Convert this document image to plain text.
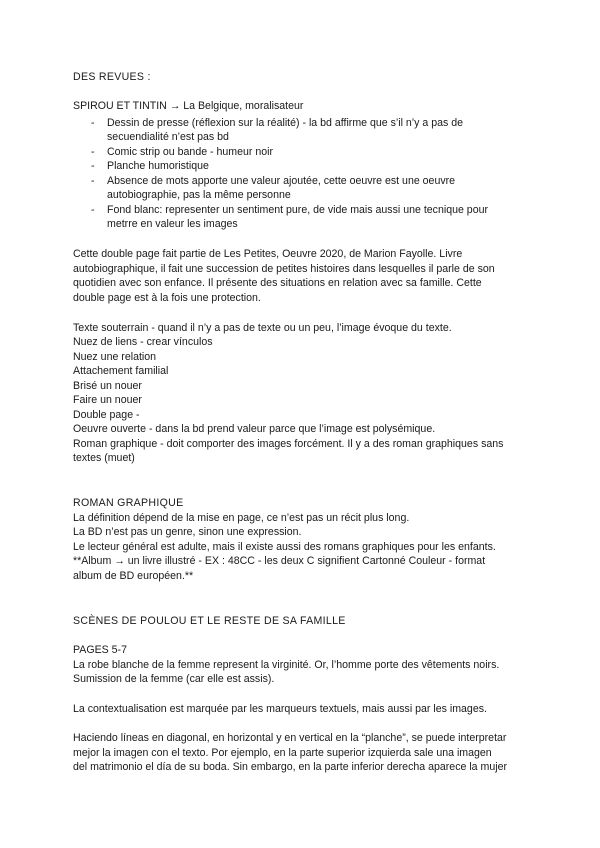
DES REVUES :
SPIROU ET TINTIN → La Belgique, moralisateur
- Dessin de presse (réflexion sur la réalité) - la bd affirme que s’il n’y a pas de
secuendialité n’est pas bd
- Comic strip ou bande - humeur noir
- Planche humoristique
- Absence de mots apporte une valeur ajoutée, cette oeuvre est une oeuvre
autobiographie, pas la même personne
- Fond blanc: representer un sentiment pure, de vide mais aussi une tecnique pour
metrre en valeur les images
Cette double page fait partie de Les Petites, Oeuvre 2020, de Marion Fayolle. Livre
autobiographique, il fait une succession de petites histoires dans lesquelles il parle de son
quotidien avec son enfance. Il présente des situations en relation avec sa famille. Cette
double page est à la fois une protection.
Texte souterrain - quand il n’y a pas de texte ou un peu, l’image évoque du texte.
Nuez de liens - crear vínculos
Nuez une relation
Attachement familial
Brisé un nouer
Faire un nouer
Double page -
Oeuvre ouverte - dans la bd prend valeur parce que l’image est polysémique.
Roman graphique - doit comporter des images forcément. Il y a des roman graphiques sans
textes (muet)
ROMAN GRAPHIQUE
La définition dépend de la mise en page, ce n’est pas un récit plus long.
La BD n’est pas un genre, sinon une expression.
Le lecteur général est adulte, mais il existe aussi des romans graphiques pour les enfants.
**Album → un livre illustré - EX : 48CC - les deux C signifient Cartonné Couleur - format
album de BD européen.**
SCÈNES DE POULOU ET LE RESTE DE SA FAMILLE
PAGES 5-7
La robe blanche de la femme represent la virginité. Or, l’homme porte des vêtements noirs.
Sumission de la femme (car elle est assis).
La contextualisation est marquée par les marqueurs textuels, mais aussi par les images.
Haciendo líneas en diagonal, en horizontal y en vertical en la “planche”, se puede interpretar
mejor la imagen con el texto. Por ejemplo, en la parte superior izquierda sale una imagen
del matrimonio el día de su boda. Sin embargo, en la parte inferior derecha aparece la mujer
